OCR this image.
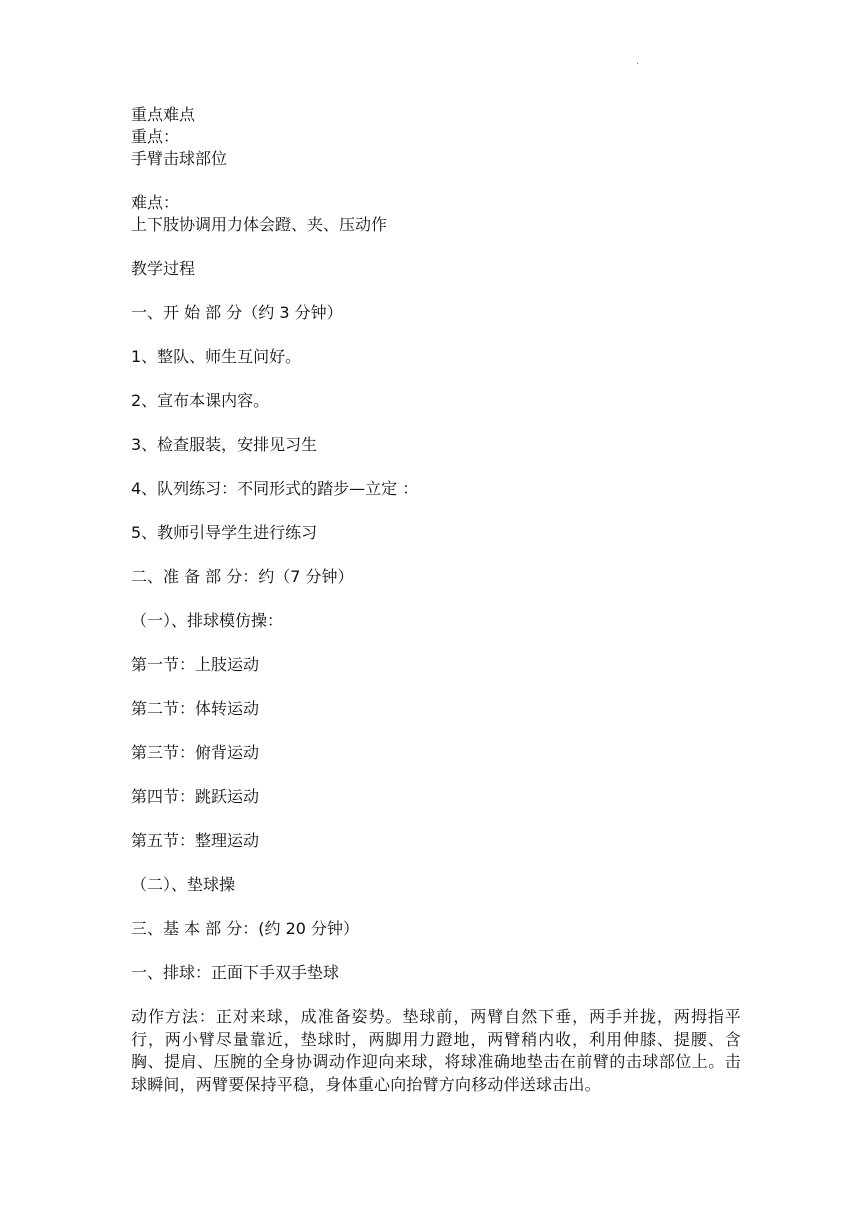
.
重点难点
重点：
手臂击球部位
难点：
上下肢协调用力体会蹬、夹、压动作
教学过程
一、开 始 部 分（约 3 分钟）
1、整队、师生互问好。
2、宣布本课内容。
3、检查服装，安排见习生
4、队列练习：不同形式的踏步—立定 ：
5、教师引导学生进行练习
二、准 备 部 分：约（7 分钟）
（一）、排球模仿操：
第一节：上肢运动
第二节：体转运动
第三节：俯背运动
第四节：跳跃运动
第五节：整理运动
（二）、垫球操
三、基 本 部 分：(约 20 分钟）
一、排球：正面下手双手垫球
动作方法：正对来球，成准备姿势。垫球前，两臂自然下垂，两手并拢，两拇指平行，两小臂尽量靠近，垫球时，两脚用力蹬地，两臂稍内收，利用伸膝、提腰、含胸、提肩、压腕的全身协调动作迎向来球，将球准确地垫击在前臂的击球部位上。击球瞬间，两臂要保持平稳，身体重心向抬臂方向移动伴送球击出。
